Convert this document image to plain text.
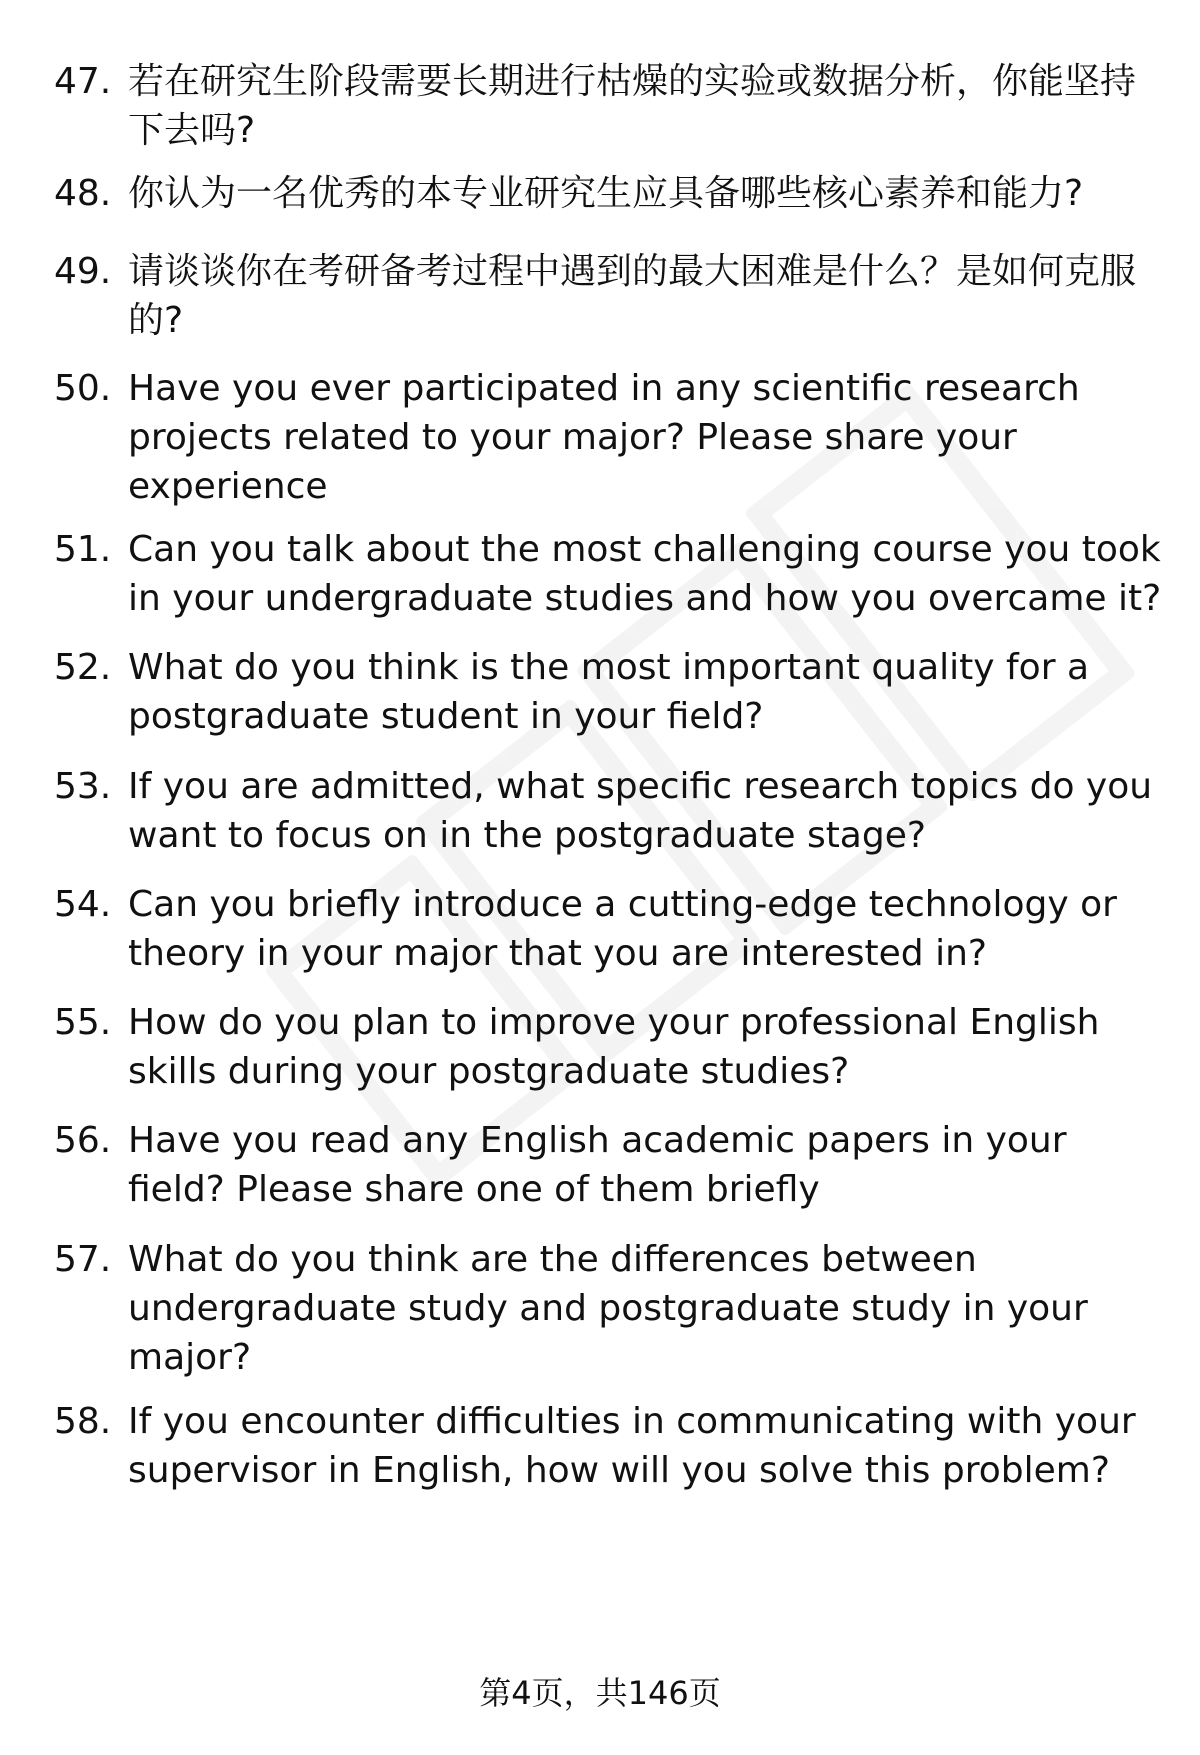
47. 若在研究生阶段需要长期进行枯燥的实验或数据分析，你能坚持下去吗?
48. 你认为一名优秀的本专业研究生应具备哪些核心素养和能力?
49. 请谈谈你在考研备考过程中遇到的最大困难是什么？是如何克服的?
50. Have you ever participated in any scientific research projects related to your major? Please share your experience
51. Can you talk about the most challenging course you took in your undergraduate studies and how you overcame it?
52. What do you think is the most important quality for a postgraduate student in your field?
53. If you are admitted, what specific research topics do you want to focus on in the postgraduate stage?
54. Can you briefly introduce a cutting-edge technology or theory in your major that you are interested in?
55. How do you plan to improve your professional English skills during your postgraduate studies?
56. Have you read any English academic papers in your field? Please share one of them briefly
57. What do you think are the differences between undergraduate study and postgraduate study in your major?
58. If you encounter difficulties in communicating with your supervisor in English, how will you solve this problem?
第4页，共146页
